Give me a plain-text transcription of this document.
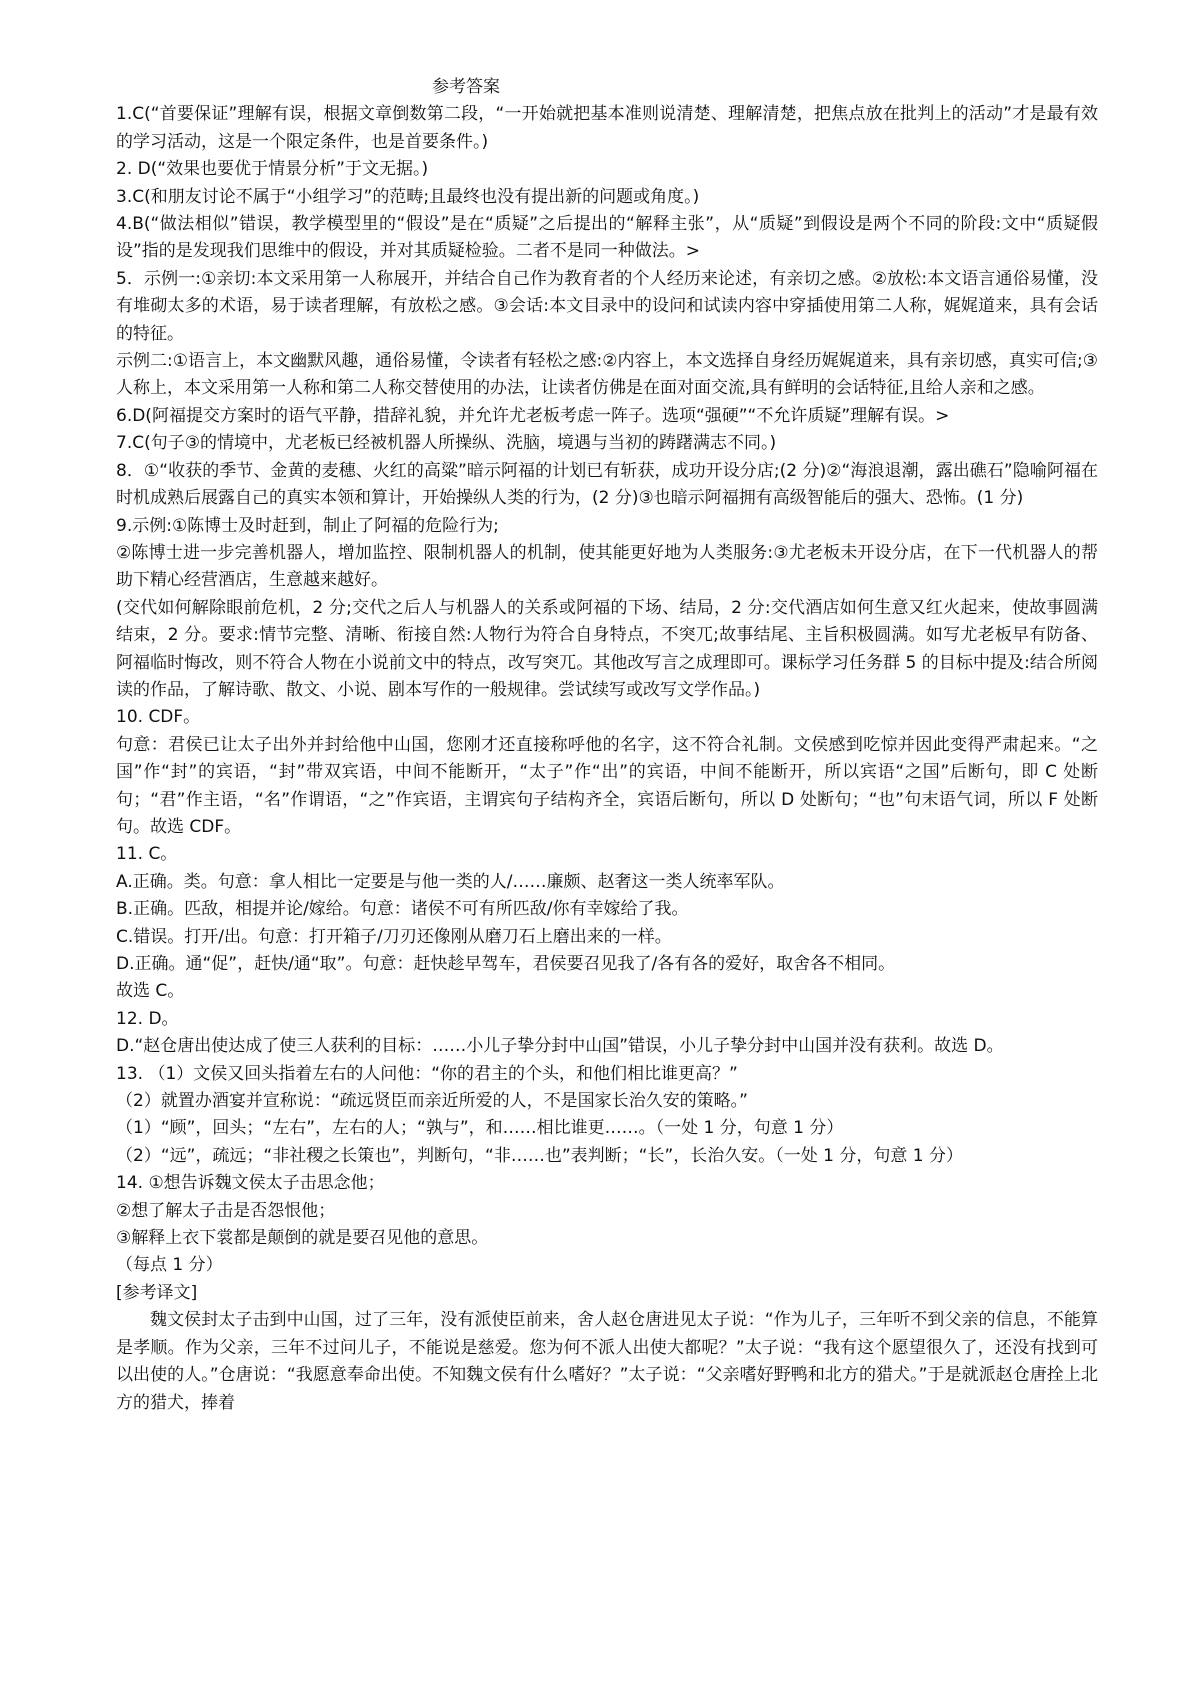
参考答案

1.C(“首要保证”理解有误，根据文章倒数第二段，“一开始就把基本准则说清楚、理解清楚，把焦点放在批判上的活动”才是最有效的学习活动，这是一个限定条件，也是首要条件。)

2. D(“效果也要优于情景分析”于文无据。)

3.C(和朋友讨论不属于“小组学习”的范畴;且最终也没有提出新的问题或角度。)

4.B(“做法相似”错误，教学模型里的“假设”是在“质疑”之后提出的“解释主张”，从“质疑”到假设是两个不同的阶段:文中“质疑假设”指的是发现我们思维中的假设，并对其质疑检验。二者不是同一种做法。>

5．示例一:①亲切:本文采用第一人称展开，并结合自己作为教育者的个人经历来论述，有亲切之感。②放松:本文语言通俗易懂，没有堆砌太多的术语，易于读者理解，有放松之感。③会话:本文目录中的设问和试读内容中穿插使用第二人称，娓娓道来，具有会话的特征。

示例二:①语言上，本文幽默风趣，通俗易懂，令读者有轻松之感:②内容上，本文选择自身经历娓娓道来，具有亲切感，真实可信;③人称上，本文采用第一人称和第二人称交替使用的办法，让读者仿佛是在面对面交流,具有鲜明的会话特征,且给人亲和之感。

6.D(阿福提交方案时的语气平静，措辞礼貌，并允许尤老板考虑一阵子。选项“强硬”“不允许质疑”理解有误。>

7.C(句子③的情境中，尤老板已经被机器人所操纵、洗脑，境遇与当初的踌躇满志不同。)

8．①“收获的季节、金黄的麦穗、火红的高粱”暗示阿福的计划已有斩获，成功开设分店;(2 分)②“海浪退潮，露出礁石”隐喻阿福在时机成熟后展露自己的真实本领和算计，开始操纵人类的行为，(2 分)③也暗示阿福拥有高级智能后的强大、恐怖。(1 分)

9.示例:①陈博士及时赶到，制止了阿福的危险行为;

②陈博士进一步完善机器人，增加监控、限制机器人的机制，使其能更好地为人类服务:③尤老板未开设分店，在下一代机器人的帮助下精心经营酒店，生意越来越好。

(交代如何解除眼前危机，2 分;交代之后人与机器人的关系或阿福的下场、结局，2 分:交代酒店如何生意又红火起来，使故事圆满结束，2 分。要求:情节完整、清晰、衔接自然:人物行为符合自身特点，不突兀;故事结尾、主旨积极圆满。如写尤老板早有防备、阿福临时悔改，则不符合人物在小说前文中的特点，改写突兀。其他改写言之成理即可。课标学习任务群 5 的目标中提及:结合所阅读的作品，了解诗歌、散文、小说、剧本写作的一般规律。尝试续写或改写文学作品。)

10. CDF。

句意：君侯已让太子出外并封给他中山国，您刚才还直接称呼他的名字，这不符合礼制。文侯感到吃惊并因此变得严肃起来。“之国”作“封”的宾语，“封”带双宾语，中间不能断开，“太子”作“出”的宾语，中间不能断开，所以宾语“之国”后断句，即 C 处断句；“君”作主语，“名”作谓语，“之”作宾语，主谓宾句子结构齐全，宾语后断句，所以 D 处断句；“也”句末语气词，所以 F 处断句。故选 CDF。

11. C。

A.正确。类。句意：拿人相比一定要是与他一类的人/……廉颇、赵奢这一类人统率军队。

B.正确。匹敌，相提并论/嫁给。句意：诸侯不可有所匹敌/你有幸嫁给了我。

C.错误。打开/出。句意：打开箱子/刀刃还像刚从磨刀石上磨出来的一样。

D.正确。通“促”，赶快/通“取”。句意：赶快趁早驾车，君侯要召见我了/各有各的爱好，取舍各不相同。

故选 C。

12. D。

D.“赵仓唐出使达成了使三人获利的目标：……小儿子挚分封中山国”错误，小儿子挚分封中山国并没有获利。故选 D。

13. （1）文侯又回头指着左右的人问他：“你的君主的个头，和他们相比谁更高？”

（2）就置办酒宴并宣称说：“疏远贤臣而亲近所爱的人，不是国家长治久安的策略。”

（1）“顾”，回头；“左右”，左右的人；“孰与”，和……相比谁更……。（一处 1 分，句意 1 分）

（2）“远”，疏远；“非社稷之长策也”，判断句，“非……也”表判断；“长”，长治久安。（一处 1 分，句意 1 分）

14. ①想告诉魏文侯太子击思念他；

②想了解太子击是否怨恨他；

③解释上衣下裳都是颠倒的就是要召见他的意思。

（每点 1 分）

[参考译文]

魏文侯封太子击到中山国，过了三年，没有派使臣前来，舍人赵仓唐进见太子说：“作为儿子，三年听不到父亲的信息，不能算是孝顺。作为父亲，三年不过问儿子，不能说是慈爱。您为何不派人出使大都呢？”太子说：“我有这个愿望很久了，还没有找到可以出使的人。”仓唐说：“我愿意奉命出使。不知魏文侯有什么嗜好？”太子说：“父亲嗜好野鸭和北方的猎犬。”于是就派赵仓唐拴上北方的猎犬，捧着
